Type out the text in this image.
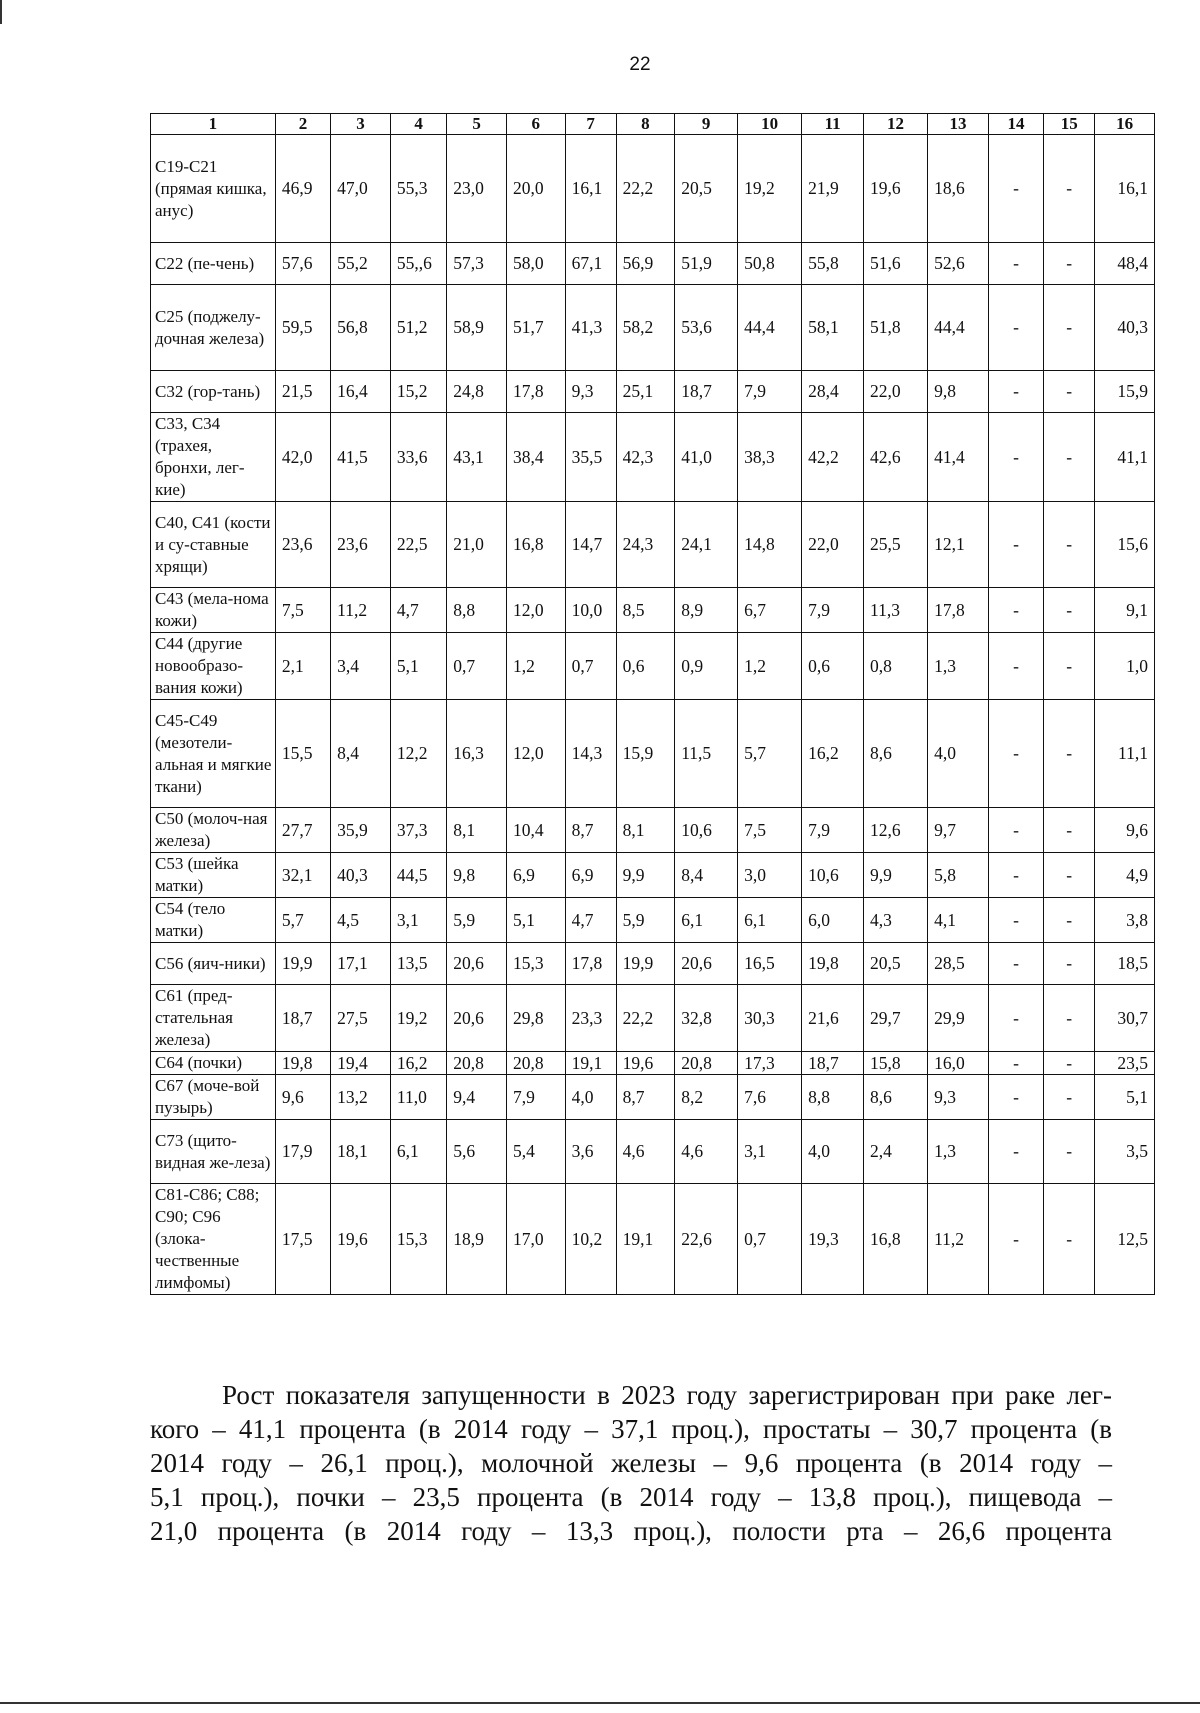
22
1	2	3	4	5	6	7	8	9	10	11	12	13	14	15	16
С19-С21 (прямая кишка, анус)	46,9	47,0	55,3	23,0	20,0	16,1	22,2	20,5	19,2	21,9	19,6	18,6	-	-	16,1
С22 (пе-чень)	57,6	55,2	55,,6	57,3	58,0	67,1	56,9	51,9	50,8	55,8	51,6	52,6	-	-	48,4
С25 (поджелу-дочная железа)	59,5	56,8	51,2	58,9	51,7	41,3	58,2	53,6	44,4	58,1	51,8	44,4	-	-	40,3
С32 (гор-тань)	21,5	16,4	15,2	24,8	17,8	9,3	25,1	18,7	7,9	28,4	22,0	9,8	-	-	15,9
С33, С34 (трахея, бронхи, лег-кие)	42,0	41,5	33,6	43,1	38,4	35,5	42,3	41,0	38,3	42,2	42,6	41,4	-	-	41,1
С40, С41 (кости и су-ставные хрящи)	23,6	23,6	22,5	21,0	16,8	14,7	24,3	24,1	14,8	22,0	25,5	12,1	-	-	15,6
С43 (мела-нома кожи)	7,5	11,2	4,7	8,8	12,0	10,0	8,5	8,9	6,7	7,9	11,3	17,8	-	-	9,1
С44 (другие новообразо-вания кожи)	2,1	3,4	5,1	0,7	1,2	0,7	0,6	0,9	1,2	0,6	0,8	1,3	-	-	1,0
С45-С49 (мезотели-альная и мягкие ткани)	15,5	8,4	12,2	16,3	12,0	14,3	15,9	11,5	5,7	16,2	8,6	4,0	-	-	11,1
С50 (молоч-ная железа)	27,7	35,9	37,3	8,1	10,4	8,7	8,1	10,6	7,5	7,9	12,6	9,7	-	-	9,6
С53 (шейка матки)	32,1	40,3	44,5	9,8	6,9	6,9	9,9	8,4	3,0	10,6	9,9	5,8	-	-	4,9
С54 (тело матки)	5,7	4,5	3,1	5,9	5,1	4,7	5,9	6,1	6,1	6,0	4,3	4,1	-	-	3,8
С56 (яич-ники)	19,9	17,1	13,5	20,6	15,3	17,8	19,9	20,6	16,5	19,8	20,5	28,5	-	-	18,5
С61 (пред-стательная железа)	18,7	27,5	19,2	20,6	29,8	23,3	22,2	32,8	30,3	21,6	29,7	29,9	-	-	30,7
С64 (почки)	19,8	19,4	16,2	20,8	20,8	19,1	19,6	20,8	17,3	18,7	15,8	16,0	-	-	23,5
С67 (моче-вой пузырь)	9,6	13,2	11,0	9,4	7,9	4,0	8,7	8,2	7,6	8,8	8,6	9,3	-	-	5,1
С73 (щито-видная же-леза)	17,9	18,1	6,1	5,6	5,4	3,6	4,6	4,6	3,1	4,0	2,4	1,3	-	-	3,5
С81-С86; С88; С90; С96 (злока-чественные лимфомы)	17,5	19,6	15,3	18,9	17,0	10,2	19,1	22,6	0,7	19,3	16,8	11,2	-	-	12,5

Рост показателя запущенности в 2023 году зарегистрирован при раке лег-
кого – 41,1 процента (в 2014 году – 37,1 проц.), простаты – 30,7 процента (в
2014 году – 26,1 проц.), молочной железы – 9,6 процента (в 2014 году –
5,1 проц.), почки – 23,5 процента (в 2014 году – 13,8 проц.), пищевода –
21,0 процента (в 2014 году – 13,3 проц.), полости рта – 26,6 процента
